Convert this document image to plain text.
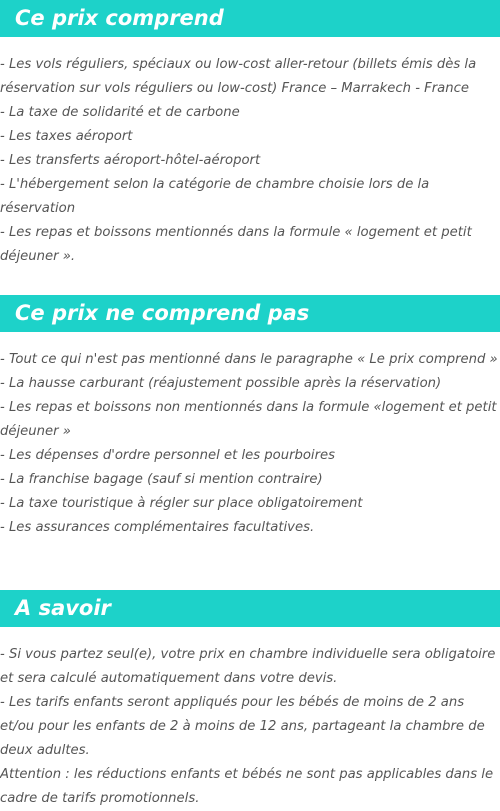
Ce prix comprend
- Les vols réguliers, spéciaux ou low-cost aller-retour (billets émis dès la réservation sur vols réguliers ou low-cost) France – Marrakech - France
- La taxe de solidarité et de carbone
- Les taxes aéroport
- Les transferts aéroport-hôtel-aéroport
- L'hébergement selon la catégorie de chambre choisie lors de la réservation
- Les repas et boissons mentionnés dans la formule « logement et petit déjeuner ».
Ce prix ne comprend pas
- Tout ce qui n'est pas mentionné dans le paragraphe « Le prix comprend »
- La hausse carburant (réajustement possible après la réservation)
- Les repas et boissons non mentionnés dans la formule «logement et petit déjeuner »
- Les dépenses d'ordre personnel et les pourboires
- La franchise bagage (sauf si mention contraire)
- La taxe touristique à régler sur place obligatoirement
- Les assurances complémentaires facultatives.
A savoir
- Si vous partez seul(e), votre prix en chambre individuelle sera obligatoire et sera calculé automatiquement dans votre devis.
- Les tarifs enfants seront appliqués pour les bébés de moins de 2 ans et/ou pour les enfants de 2 à moins de 12 ans, partageant la chambre de deux adultes.
Attention : les réductions enfants et bébés ne sont pas applicables dans le cadre de tarifs promotionnels.
